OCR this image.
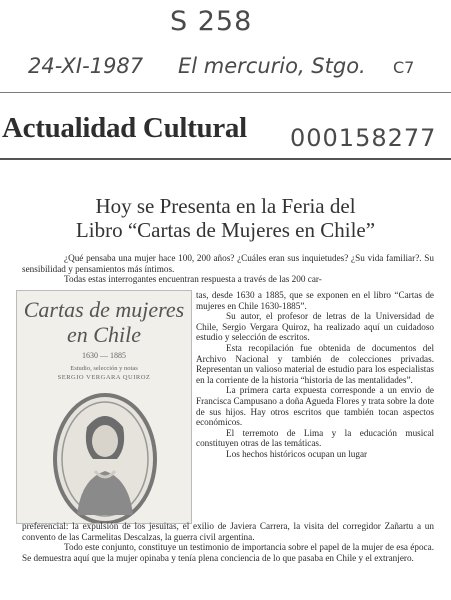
S 258
24-XI-1987 El mercurio, Stgo. C7
Actualidad Cultural 000158277
Hoy se Presenta en la Feria del
Libro “Cartas de Mujeres en Chile”

¿Qué pensaba una mujer hace 100, 200 años? ¿Cuáles eran sus inquietudes? ¿Su vida familiar?. Su sensibilidad y pensamientos más íntimos.

Todas estas interrogantes encuentran respuesta a través de las 200 car-

Cartas de mujeres en Chile
1630 — 1885
Estudio, selección y notas
SERGIO VERGARA QUIROZ

tas, desde 1630 a 1885, que se exponen en el libro “Cartas de mujeres en Chile 1630-1885”.

Su autor, el profesor de letras de la Universidad de Chile, Sergio Vergara Quiroz, ha realizado aquí un cuidadoso estudio y selección de escritos.

Esta recopilación fue obtenida de documentos del Archivo Nacional y también de colecciones privadas. Representan un valioso material de estudio para los especialistas en la corriente de la historia “historia de las mentalidades”.

La primera carta expuesta corresponde a un envio de Francisca Campusano a doña Agueda Flores y trata sobre la dote de sus hijos. Hay otros escritos que también tocan aspectos económicos.

El terremoto de Lima y la educación musical constituyen otras de las temáticas.

Los hechos históricos ocupan un lugar

preferencial: la expulsión de los jesuitas, el exilio de Javiera Carrera, la visita del corregidor Zañartu a un convento de las Carmelitas Descalzas, la guerra civil argentina.

Todo este conjunto, constituye un testimonio de importancia sobre el papel de la mujer de esa época. Se demuestra aquí que la mujer opinaba y tenía plena conciencia de lo que pasaba en Chile y el extranjero.
